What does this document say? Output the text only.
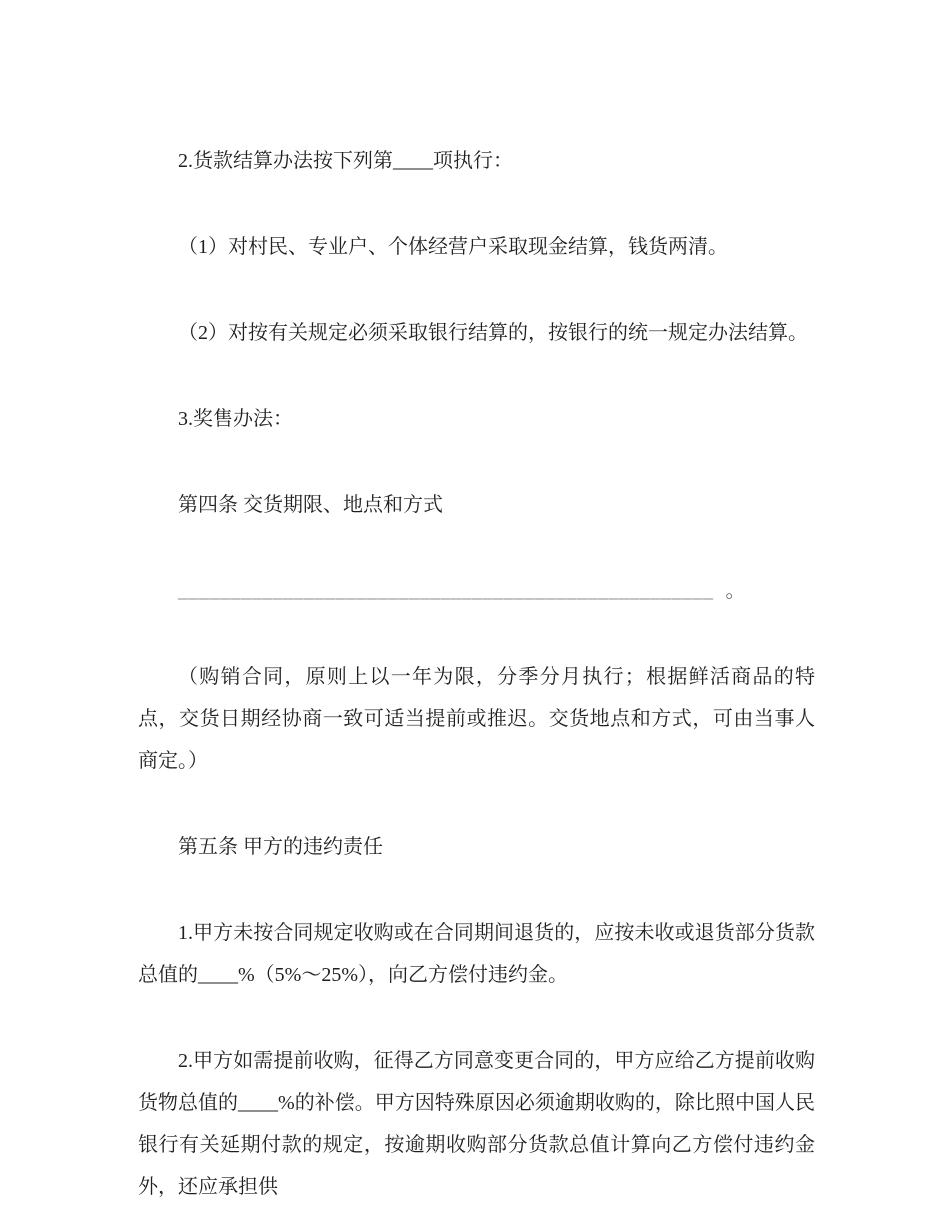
2.货款结算办法按下列第____项执行：

（1）对村民、专业户、个体经营户采取现金结算，钱货两清。

（2）对按有关规定必须采取银行结算的，按银行的统一规定办法结算。

3.奖售办法：

第四条 交货期限、地点和方式

___________________________________________________ 。

（购销合同，原则上以一年为限，分季分月执行；根据鲜活商品的特点，交货日期经协商一致可适当提前或推迟。交货地点和方式，可由当事人商定。）

第五条 甲方的违约责任

1.甲方未按合同规定收购或在合同期间退货的，应按未收或退货部分货款总值的____%（5%～25%），向乙方偿付违约金。

2.甲方如需提前收购，征得乙方同意变更合同的，甲方应给乙方提前收购货物总值的____%的补偿。甲方因特殊原因必须逾期收购的，除比照中国人民银行有关延期付款的规定，按逾期收购部分货款总值计算向乙方偿付违约金外，还应承担供
